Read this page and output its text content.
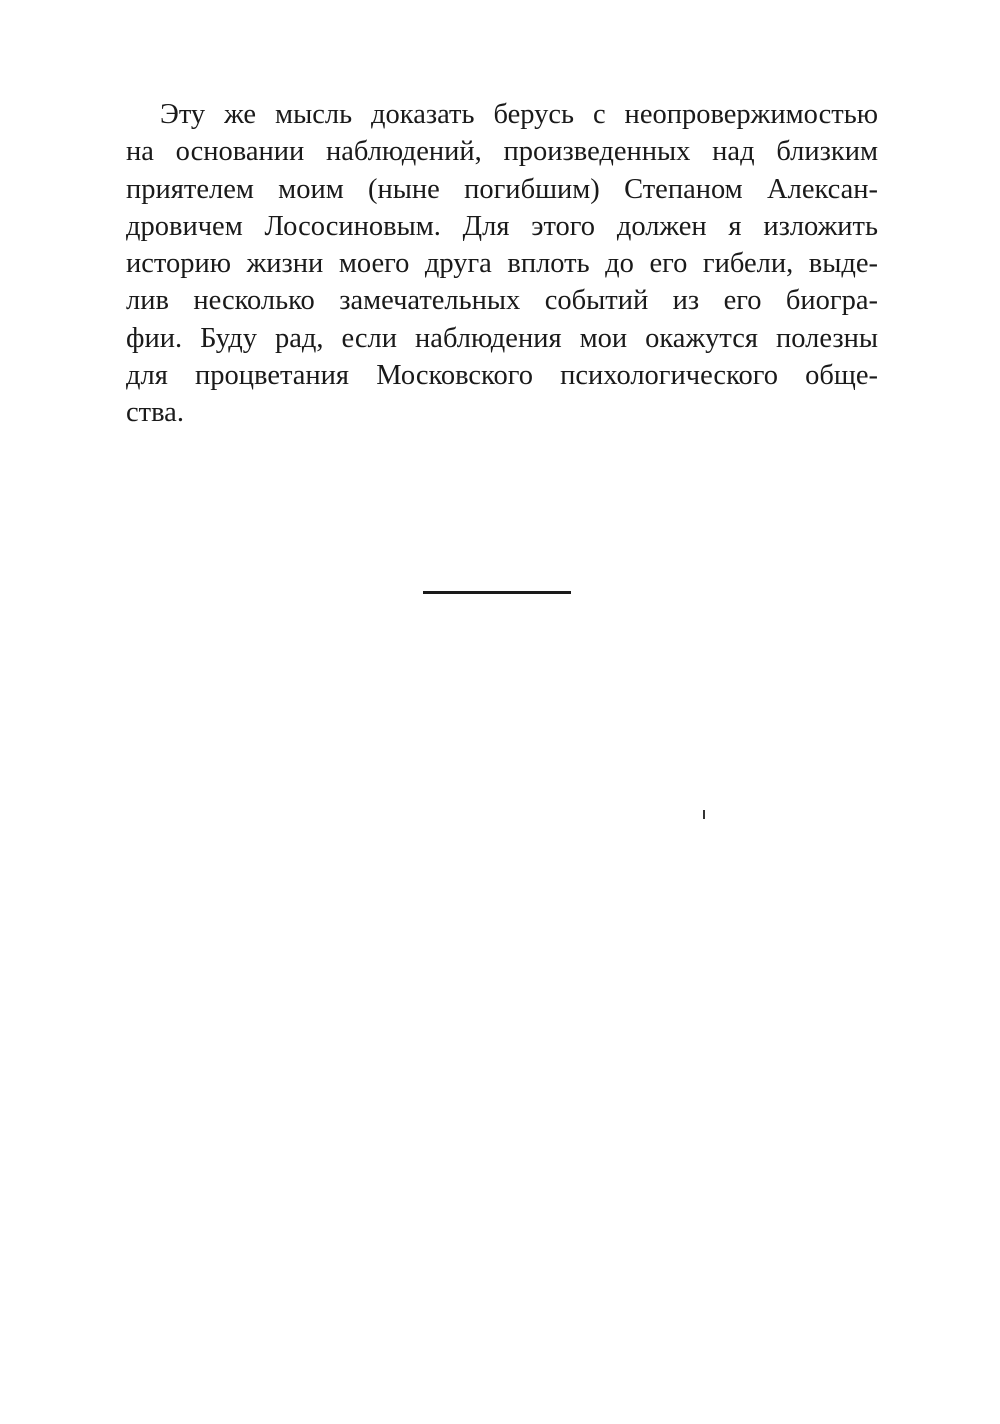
Эту же мысль доказать берусь с неопровержимостью
на основании наблюдений, произведенных над близким
приятелем моим (ныне погибшим) Степаном Алексан-
дровичем Лососиновым. Для этого должен я изложить
историю жизни моего друга вплоть до его гибели, выде-
лив несколько замечательных событий из его биогра-
фии. Буду рад, если наблюдения мои окажутся полезны
для процветания Московского психологического обще-
ства.
